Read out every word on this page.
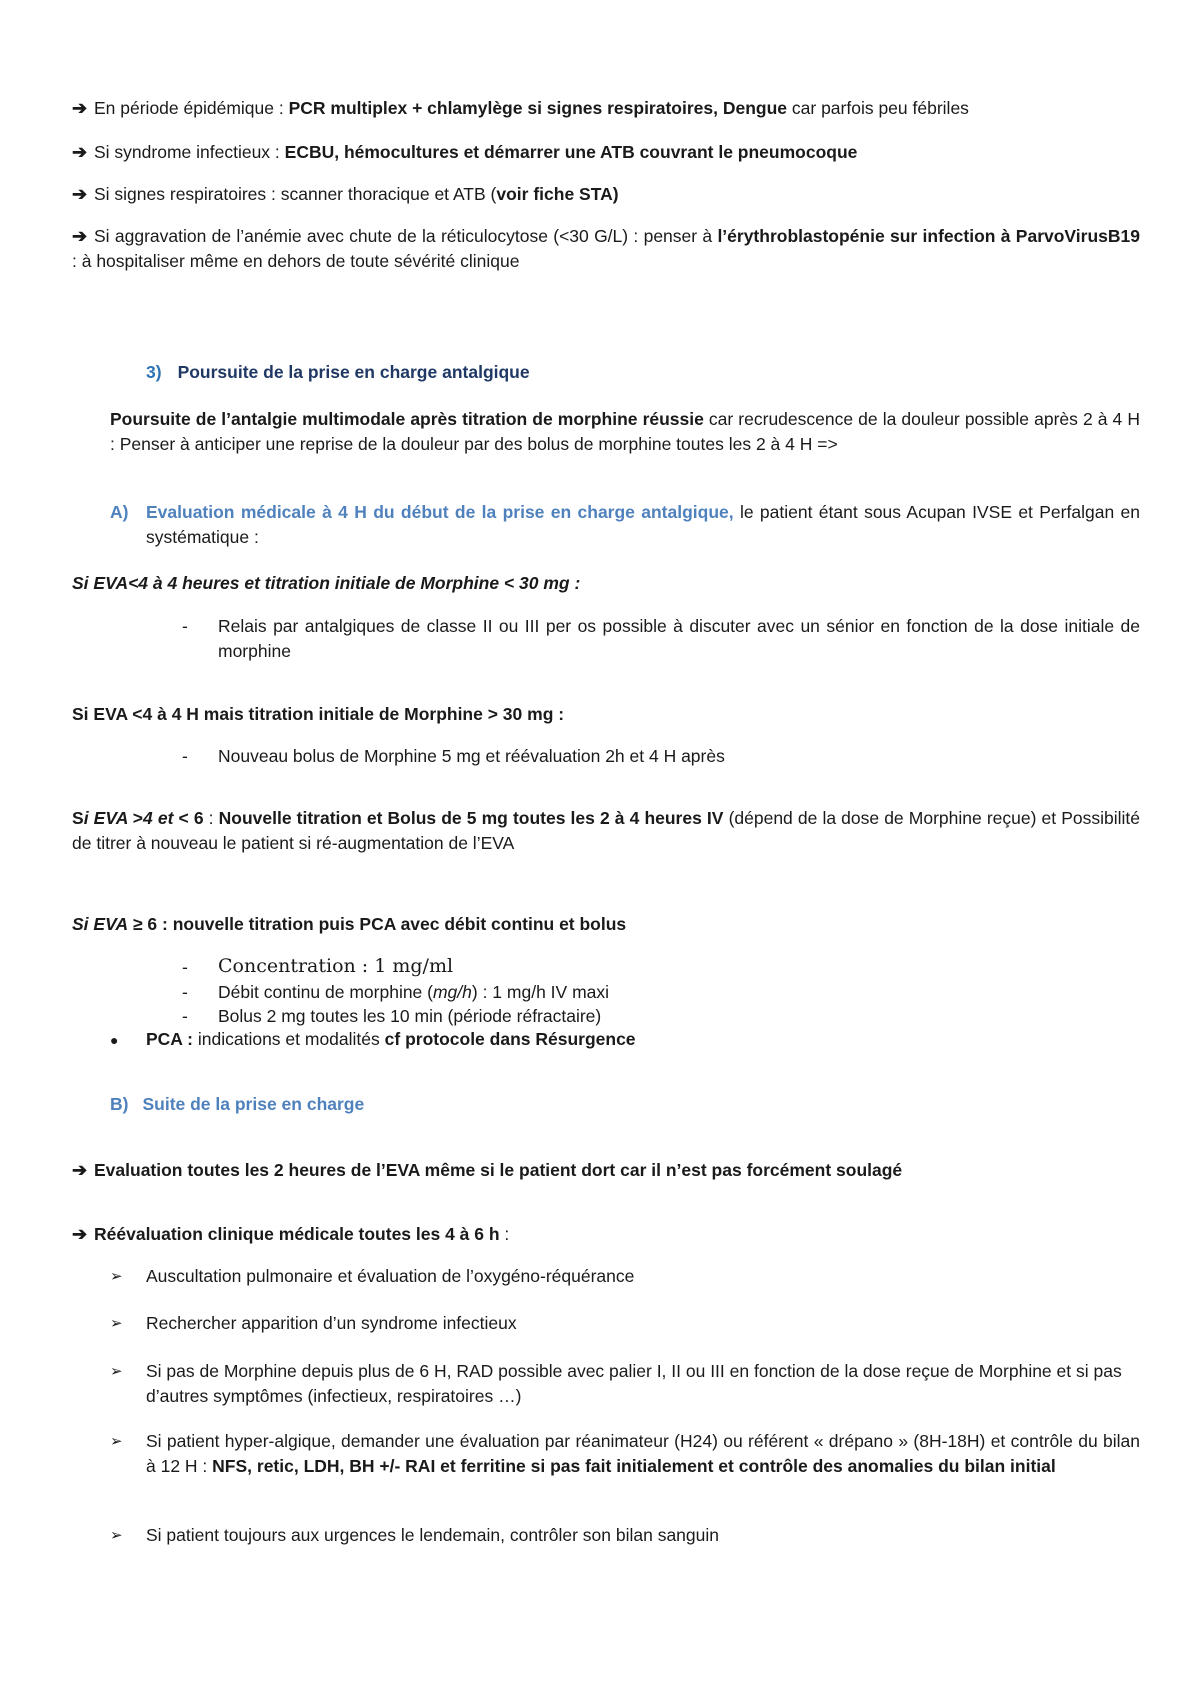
➔ En période épidémique : PCR multiplex + chlamylège si signes respiratoires, Dengue car parfois peu fébriles
➔ Si syndrome infectieux : ECBU, hémocultures et démarrer une ATB couvrant le pneumocoque
➔ Si signes respiratoires : scanner thoracique et ATB (voir fiche STA)
➔ Si aggravation de l’anémie avec chute de la réticulocytose (<30 G/L) : penser à l’érythroblastopénie sur infection à ParvoVirusB19 : à hospitaliser même en dehors de toute sévérité clinique
3) Poursuite de la prise en charge antalgique
Poursuite de l’antalgie multimodale après titration de morphine réussie car recrudescence de la douleur possible après 2 à 4 H : Penser à anticiper une reprise de la douleur par des bolus de morphine toutes les 2 à 4 H =>
A) Evaluation médicale à 4 H du début de la prise en charge antalgique, le patient étant sous Acupan IVSE et Perfalgan en systématique :
Si EVA<4 à 4 heures et titration initiale de Morphine < 30 mg :
- Relais par antalgiques de classe II ou III per os possible à discuter avec un sénior en fonction de la dose initiale de morphine
Si EVA <4 à 4 H mais titration initiale de Morphine > 30 mg :
- Nouveau bolus de Morphine 5 mg et réévaluation 2h et 4 H après
Si EVA >4 et < 6 : Nouvelle titration et Bolus de 5 mg toutes les 2 à 4 heures IV (dépend de la dose de Morphine reçue) et Possibilité de titrer à nouveau le patient si ré-augmentation de l’EVA
Si EVA ≥ 6 : nouvelle titration puis PCA avec débit continu et bolus
- Concentration : 1 mg/ml
- Débit continu de morphine (mg/h) : 1 mg/h IV maxi
- Bolus 2 mg toutes les 10 min (période réfractaire)
● PCA : indications et modalités cf protocole dans Résurgence
B) Suite de la prise en charge
➔ Evaluation toutes les 2 heures de l’EVA même si le patient dort car il n’est pas forcément soulagé
➔ Réévaluation clinique médicale toutes les 4 à 6 h :
➢ Auscultation pulmonaire et évaluation de l’oxygéno-réquérance
➢ Rechercher apparition d’un syndrome infectieux
➢ Si pas de Morphine depuis plus de 6 H, RAD possible avec palier I, II ou III en fonction de la dose reçue de Morphine et si pas d’autres symptômes (infectieux, respiratoires …)
➢ Si patient hyper-algique, demander une évaluation par réanimateur (H24) ou référent « drépano » (8H-18H) et contrôle du bilan à 12 H : NFS, retic, LDH, BH +/- RAI et ferritine si pas fait initialement et contrôle des anomalies du bilan initial
➢ Si patient toujours aux urgences le lendemain, contrôler son bilan sanguin
